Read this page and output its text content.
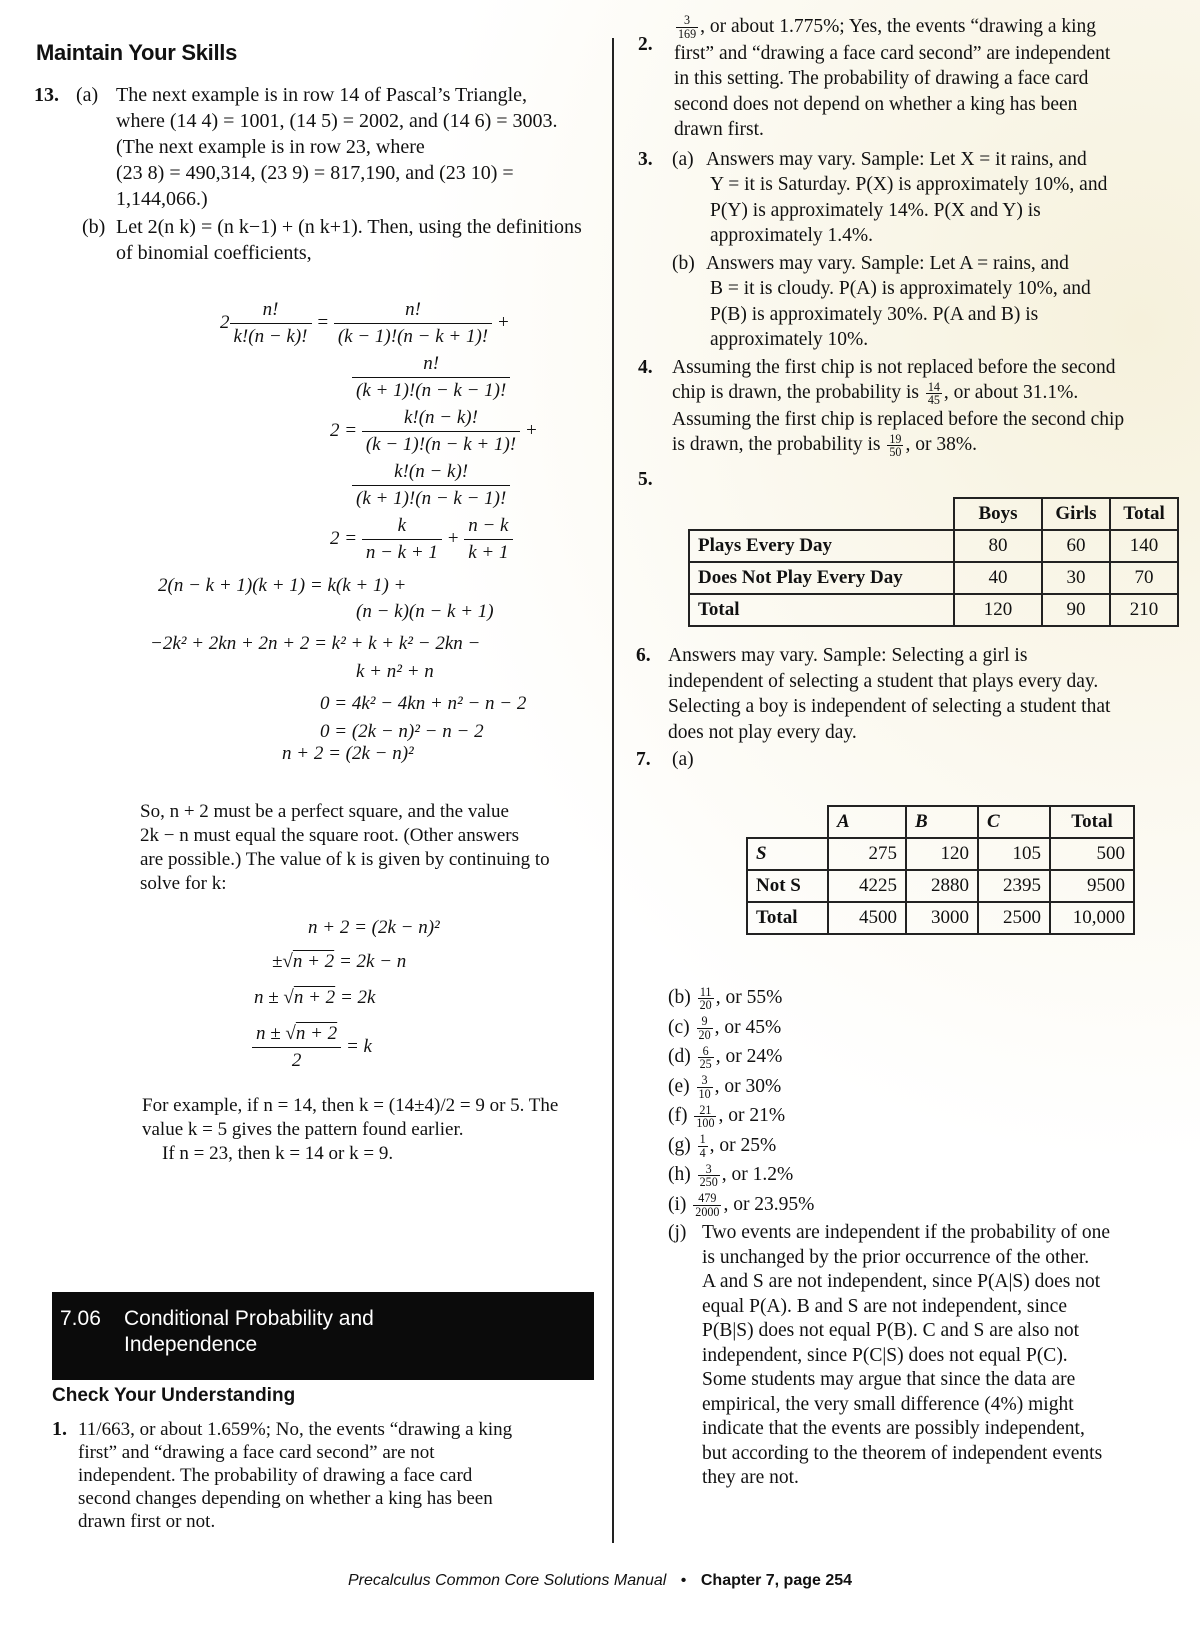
Maintain Your Skills
13. (a) The next example is in row 14 of Pascal’s Triangle,
where (14 4) = 1001, (14 5) = 2002, and (14 6) = 3003.
(The next example is in row 23, where
(23 8) = 490,314, (23 9) = 817,190, and (23 10) =
1,144,066.)
(b) Let 2(n k) = (n k−1) + (n k+1). Then, using the definitions
of binomial coefficients,
$2 \frac{n!}{k!(n - k)!} = \frac{n!}{(k - 1)!(n - k + 1)!}$ +
$\frac{n!}{(k + 1)!(n - k - 1)!}$
$2 = \frac{k!(n - k)!}{(k - 1)!(n - k + 1)!}$ +
$\frac{k!(n - k)!}{(k + 1)!(n - k - 1)!}$
$2 = \frac{k}{n - k + 1} + \frac{n - k}{k + 1}$
2(n − k + 1)(k + 1) = k(k + 1) +
(n − k)(n − k + 1)
−2k² + 2kn + 2n + 2 = k² + k + k² − 2kn −
k + n² + n
0 = 4k² − 4kn + n² − n − 2
0 = (2k − n)² − n − 2
n + 2 = (2k − n)²
So, n + 2 must be a perfect square, and the value
2k − n must equal the square root. (Other answers
are possible.) The value of k is given by continuing to
solve for k:
n + 2 = (2k − n)²
±√n + 2 = 2k − n
n ± √n + 2 = 2k
$\frac{n \pm √n + 2}{2} = k$
For example, if n = 14, then k = (14±4)/2 = 9 or 5. The
value k = 5 gives the pattern found earlier.
If n = 23, then k = 14 or k = 9.
7.06 Conditional Probability and
Independence
Check Your Understanding
1. 11/663, or about 1.659%; No, the events “drawing a king
first” and “drawing a face card second” are not
independent. The probability of drawing a face card
second changes depending on whether a king has been
drawn first or not.
2.
$\frac{3}{169}$ , or about 1.775%; Yes, the events “drawing a king
first” and “drawing a face card second” are independent
in this setting. The probability of drawing a face card
second does not depend on whether a king has been
drawn first.
3. (a) Answers may vary. Sample: Let X = it rains, and
Y = it is Saturday. P(X) is approximately 10%, and
P(Y) is approximately 14%. P(X and Y) is
approximately 1.4%.
(b) Answers may vary. Sample: Let A = rains, and
B = it is cloudy. P(A) is approximately 10%, and
P(B) is approximately 30%. P(A and B) is
approximately 10%.
4. Assuming the first chip is not replaced before the second
chip is drawn, the probability is $\frac{14}{45}$ , or about 31.1%.
Assuming the first chip is replaced before the second chip
is drawn, the probability is $\frac{19}{50}$ , or 38%.
5.
	Boys	Girls	Total
Plays Every Day	80	60	140
Does Not Play Every Day	40	30	70
Total	120	90	210
6. Answers may vary. Sample: Selecting a girl is
independent of selecting a student that plays every day.
Selecting a boy is independent of selecting a student that
does not play every day.
7. (a)
	A	B	C	Total
S	275	120	105	500
Not S	4225	2880	2395	9500
Total	4500	3000	2500	10,000
$(b) \frac{11}{20}$ , or 55%
$(c) \frac{9}{20}$ , or 45%
$(d) \frac{6}{25}$ , or 24%
$(e) \frac{3}{10}$ , or 30%
$(f) \frac{21}{100}$ , or 21%
$(g) \frac{1}{4}$ , or 25%
$(h) \frac{3}{250}$ , or 1.2%
$(i) \frac{479}{2000}$ , or 23.95%
(j) Two events are independent if the probability of one
is unchanged by the prior occurrence of the other.
A and S are not independent, since P(A|S) does not
equal P(A). B and S are not independent, since
P(B|S) does not equal P(B). C and S are also not
independent, since P(C|S) does not equal P(C).
Some students may argue that since the data are
empirical, the very small difference (4%) might
indicate that the events are possibly independent,
but according to the theorem of independent events
they are not.
Precalculus Common Core Solutions Manual • Chapter 7, page 254
